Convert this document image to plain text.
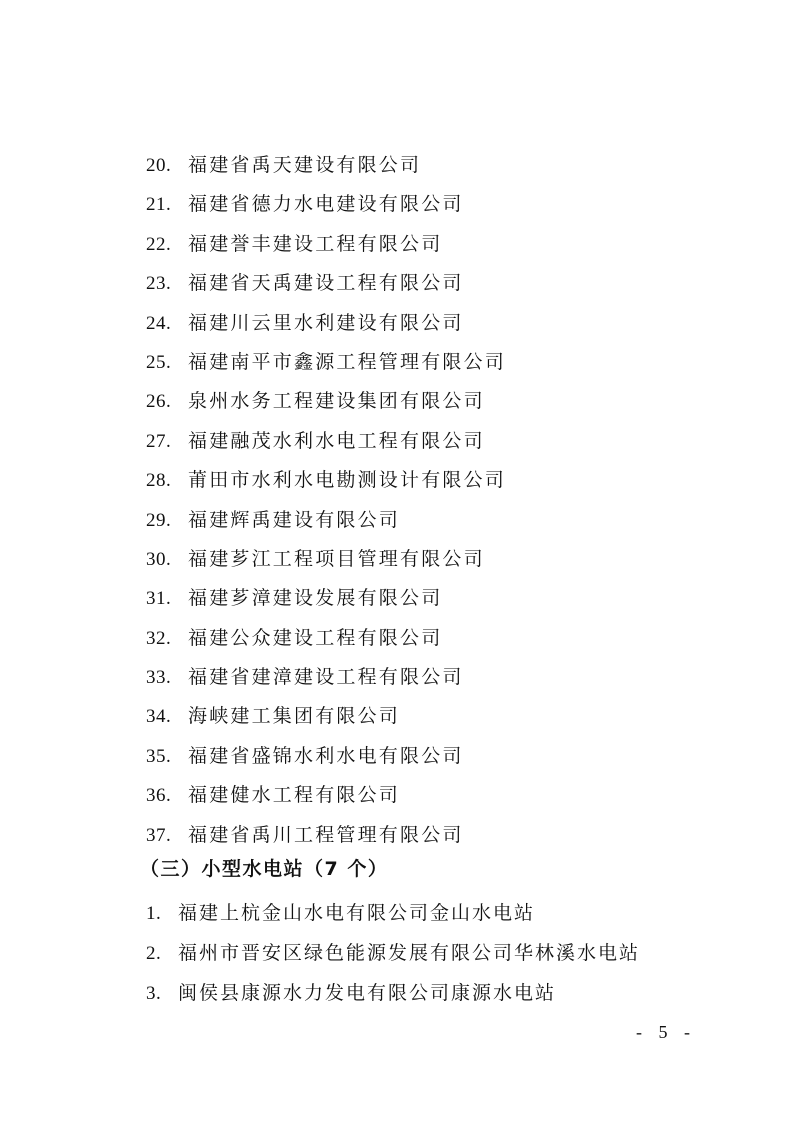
20. 福建省禹天建设有限公司
21. 福建省德力水电建设有限公司
22. 福建誉丰建设工程有限公司
23. 福建省天禹建设工程有限公司
24. 福建川云里水利建设有限公司
25. 福建南平市鑫源工程管理有限公司
26. 泉州水务工程建设集团有限公司
27. 福建融茂水利水电工程有限公司
28. 莆田市水利水电勘测设计有限公司
29. 福建辉禹建设有限公司
30. 福建芗江工程项目管理有限公司
31. 福建芗漳建设发展有限公司
32. 福建公众建设工程有限公司
33. 福建省建漳建设工程有限公司
34. 海峡建工集团有限公司
35. 福建省盛锦水利水电有限公司
36. 福建健水工程有限公司
37. 福建省禹川工程管理有限公司
（三）小型水电站（7 个）
1. 福建上杭金山水电有限公司金山水电站
2. 福州市晋安区绿色能源发展有限公司华林溪水电站
3. 闽侯县康源水力发电有限公司康源水电站
- 5 -
